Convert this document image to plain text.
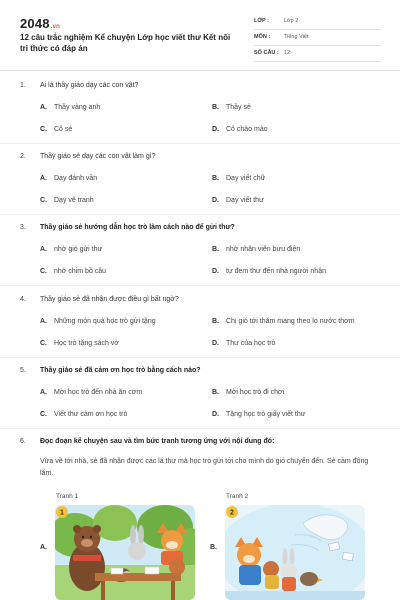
2048.vn
12 câu trắc nghiệm Kể chuyện Lớp học viết thư Kết nối tri thức có đáp án
LỚP :	Lớp 2
MÔN :	Tiếng Việt
SỐ CÂU : 12
1. Ai là thầy giáo dạy các con vật?
A. Thầy vàng anh	B. Thầy sẻ
C. Cô sẻ	D. Cô chào mào
2. Thầy giáo sẻ dạy các con vật làm gì?
A. Dạy đánh vần	B. Dạy viết chữ
C. Dạy vẽ tranh	D. Dạy viết thư
3. Thầy giáo sẻ hướng dẫn học trò làm cách nào để gửi thư?
A. nhờ gió gửi thư	B. nhờ nhân viên bưu điện
C. nhờ chim bồ câu	D. tự đem thư đến nhà người nhận
4. Thầy giáo sẻ đã nhận được điều gì bất ngờ?
A. Những món quà học trò gửi tặng	B. Chị gió tới thăm mang theo lọ nước thơm
C. Học trò tặng sách vở	D. Thư của học trò
5. Thầy giáo sẻ đã cảm ơn học trò bằng cách nào?
A. Mời học trò đến nhà ăn cơm	B. Mời học trò đi chơi
C. Viết thư cảm ơn học trò	D. Tặng học trò giấy viết thư
6. Đọc đoạn kể chuyện sau và tìm bức tranh tương ứng với nội dung đó:
Vừa về tới nhà, sẻ đã nhận được các lá thư mà học trò gửi tới cho mình do gió chuyển đến. Sẻ cảm động lắm.
Tranh 1	Tranh 2
A.	B.
1	2
